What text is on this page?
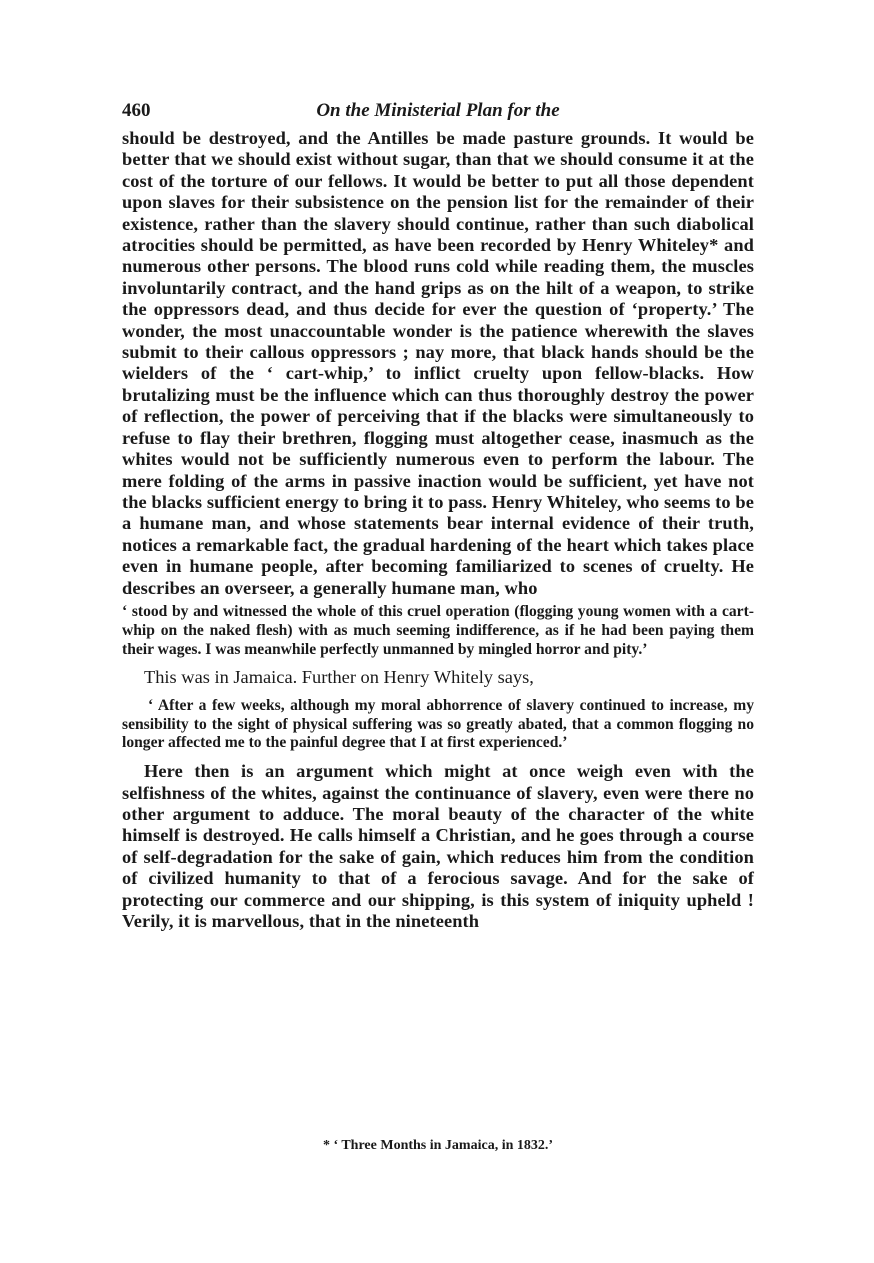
460	On the Ministerial Plan for the

should be destroyed, and the Antilles be made pasture grounds. It would be better that we should exist without sugar, than that we should consume it at the cost of the torture of our fellows. It would be better to put all those dependent upon slaves for their subsistence on the pension list for the remainder of their existence, rather than the slavery should continue, rather than such diabolical atrocities should be permitted, as have been recorded by Henry Whiteley* and numerous other persons. The blood runs cold while reading them, the muscles involuntarily contract, and the hand grips as on the hilt of a weapon, to strike the oppressors dead, and thus decide for ever the question of ‘property.’ The wonder, the most unaccountable wonder is the patience wherewith the slaves submit to their callous oppressors ; nay more, that black hands should be the wielders of the ‘ cart-whip,’ to inflict cruelty upon fellow-blacks. How brutalizing must be the influence which can thus thoroughly destroy the power of reflection, the power of perceiving that if the blacks were simultaneously to refuse to flay their brethren, flogging must altogether cease, inasmuch as the whites would not be sufficiently numerous even to perform the labour. The mere folding of the arms in passive inaction would be sufficient, yet have not the blacks sufficient energy to bring it to pass. Henry Whiteley, who seems to be a humane man, and whose statements bear internal evidence of their truth, notices a remarkable fact, the gradual hardening of the heart which takes place even in humane people, after becoming familiarized to scenes of cruelty. He describes an overseer, a generally humane man, who

‘ stood by and witnessed the whole of this cruel operation (flogging young women with a cart-whip on the naked flesh) with as much seeming indifference, as if he had been paying them their wages. I was meanwhile perfectly unmanned by mingled horror and pity.’

This was in Jamaica. Further on Henry Whitely says,

‘ After a few weeks, although my moral abhorrence of slavery continued to increase, my sensibility to the sight of physical suffering was so greatly abated, that a common flogging no longer affected me to the painful degree that I at first experienced.’

Here then is an argument which might at once weigh even with the selfishness of the whites, against the continuance of slavery, even were there no other argument to adduce. The moral beauty of the character of the white himself is destroyed. He calls himself a Christian, and he goes through a course of self-degradation for the sake of gain, which reduces him from the condition of civilized humanity to that of a ferocious savage. And for the sake of protecting our commerce and our shipping, is this system of iniquity upheld ! Verily, it is marvellous, that in the nineteenth

* ‘ Three Months in Jamaica, in 1832.’
